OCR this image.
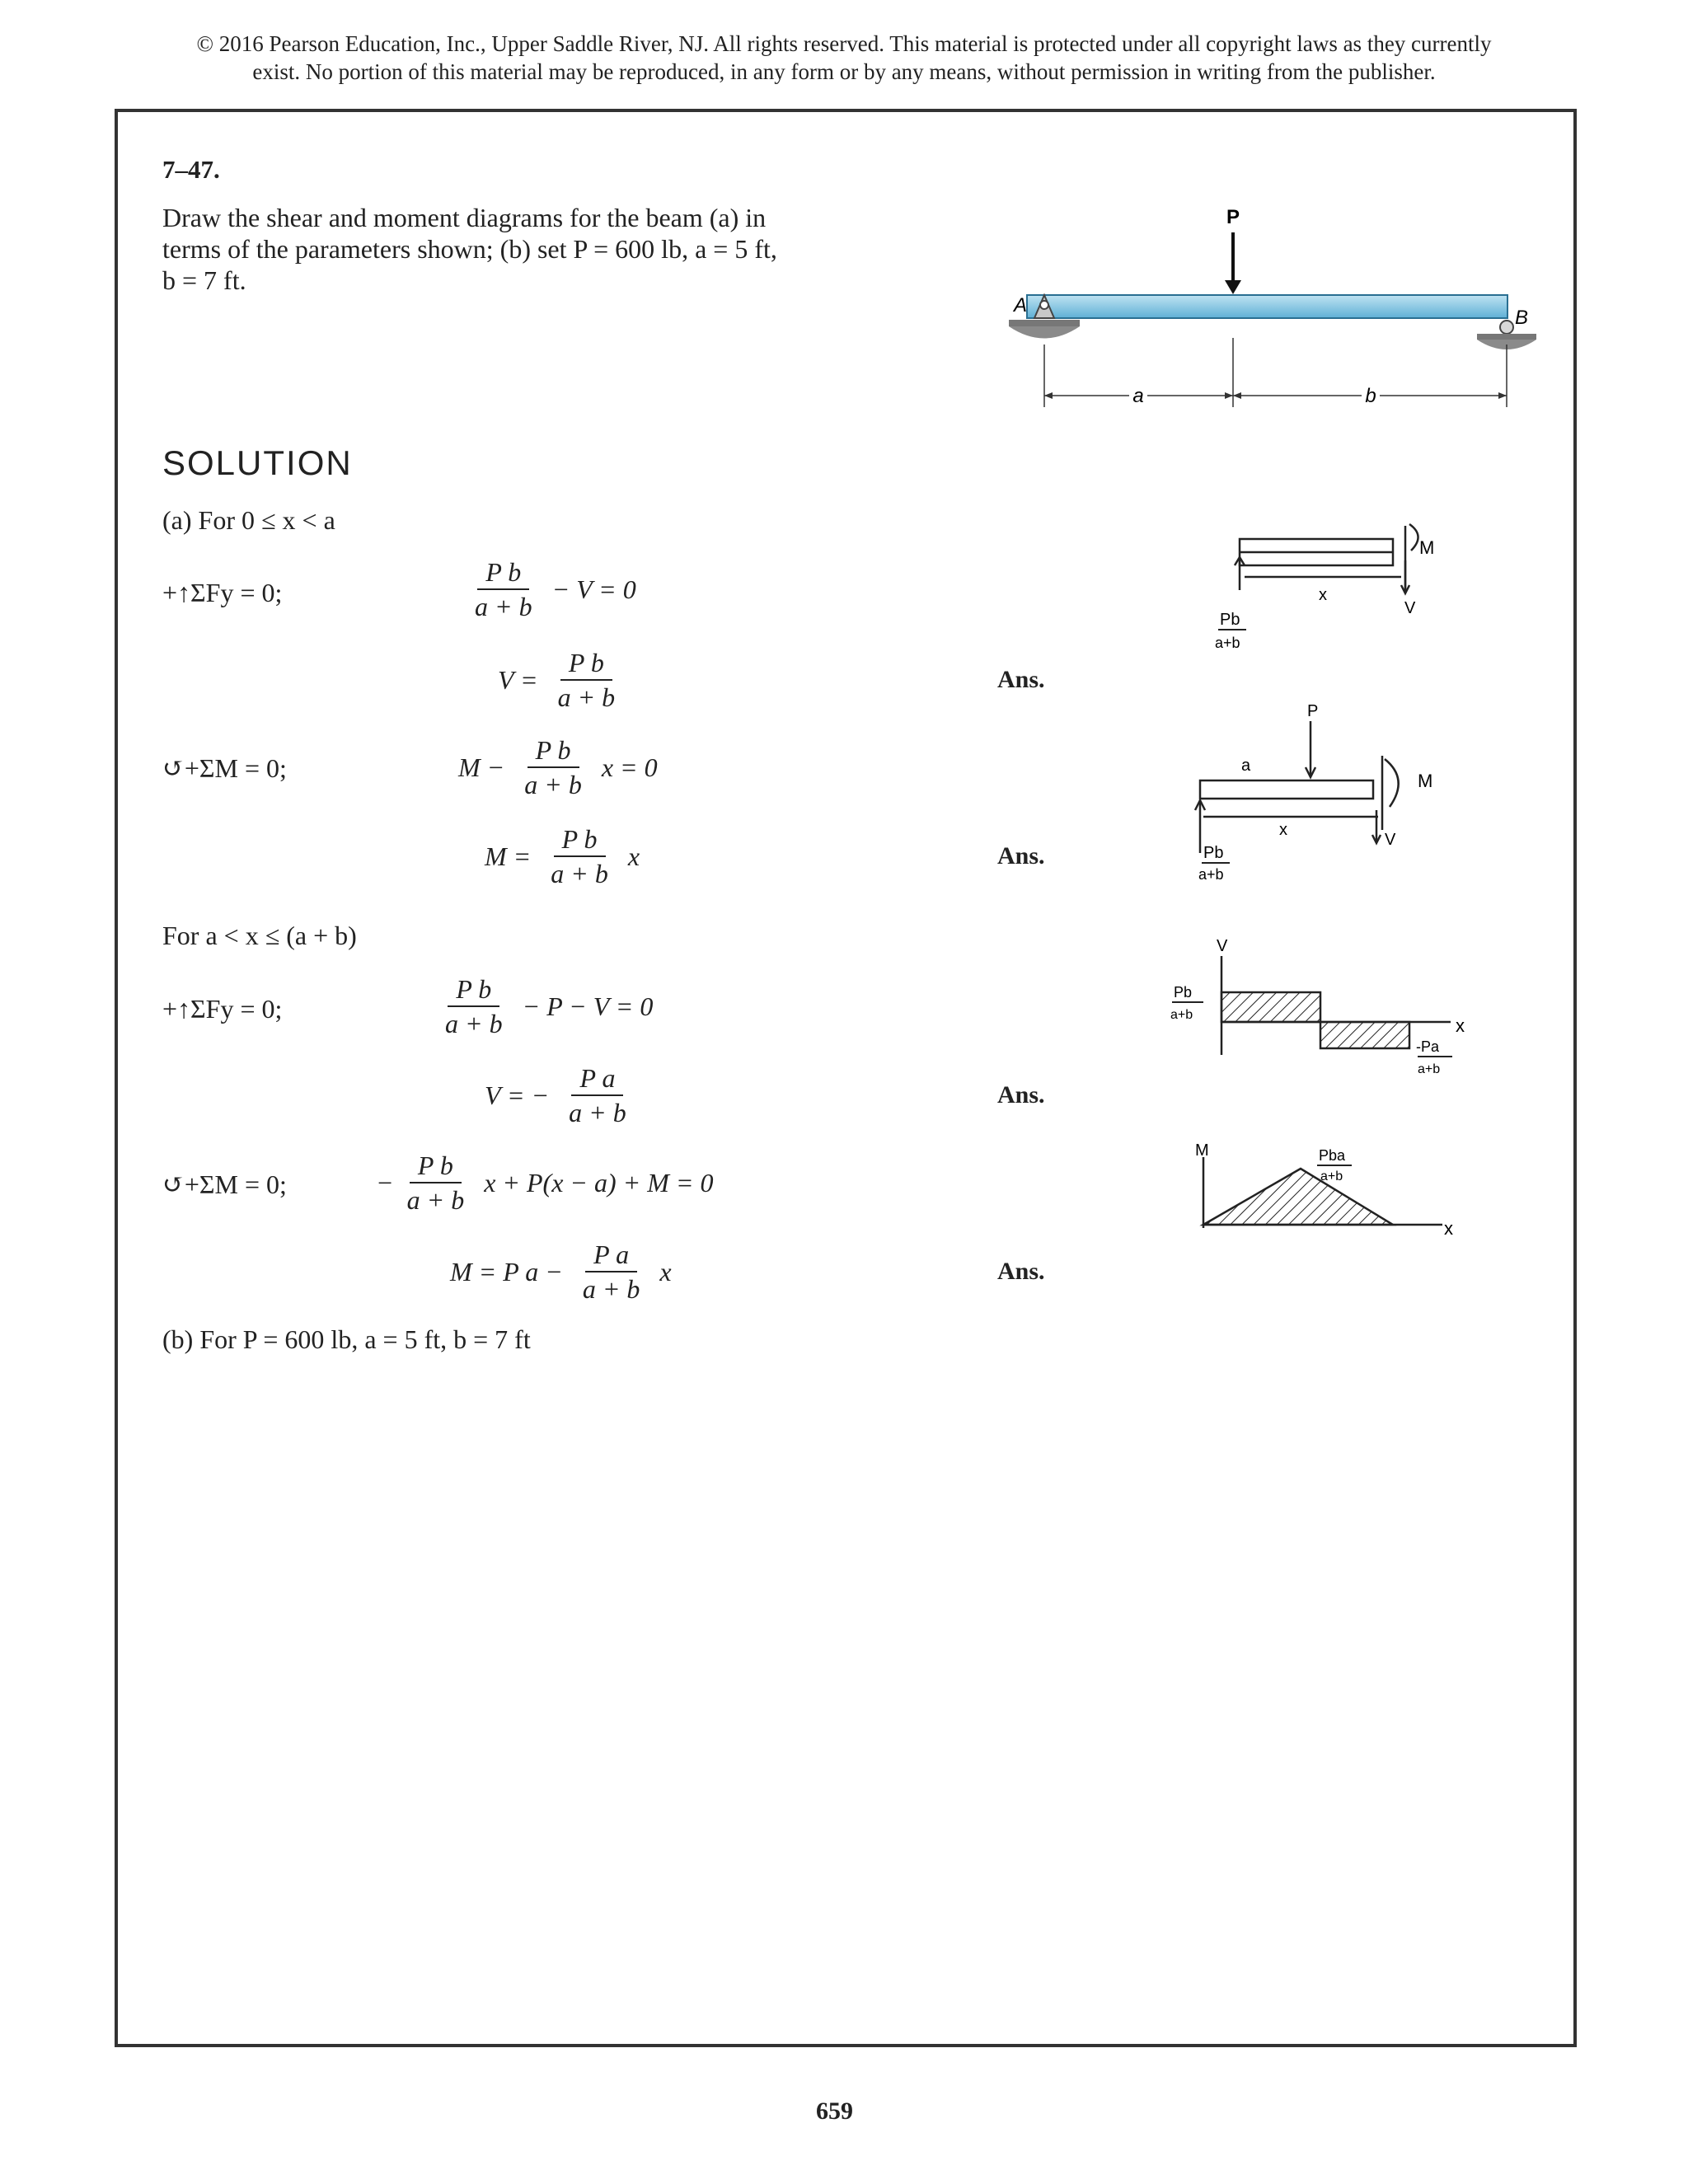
© 2016 Pearson Education, Inc., Upper Saddle River, NJ. All rights reserved. This material is protected under all copyright laws as they currently
exist. No portion of this material may be reproduced, in any form or by any means, without permission in writing from the publisher.
7–47.
Draw the shear and moment diagrams for the beam (a) in
terms of the parameters shown; (b) set P = 600 lb, a = 5 ft,
b = 7 ft.
P
A
B
a	b
SOLUTION
(a) For 0 ≤ x < a
+↑ΣFy = 0;	$\frac{\text{P b}}{a + b} - V = 0$
$V = \frac{\text{P b}}{a + b}$	Ans.
↺+ΣM = 0;	$M - \frac{\text{P b}}{a + b}$ x = 0
$M = \frac{\text{P b}}{a + b}$ x	Ans.
For a < x ≤ (a + b)
+↑ΣFy = 0;	$\frac{\text{P b}}{a + b} - P - V = 0$
V = − $\frac{\text{P a}}{a + b}$	Ans.
↺+ΣM = 0;	− $\frac{\text{P b}}{a + b}$ x + P(x − a) + M = 0
M = P $a - \frac{\text{P a}}{a + b}$ x	Ans.
(b) For P = 600 lb, a = 5 ft, b = 7 ft
M
V
x
Pb
a+b
P
a
M
V
x
Pb
a+b
V
x
Pb
a+b
-Pa
a+b
M
x
Pba
a+b
659
